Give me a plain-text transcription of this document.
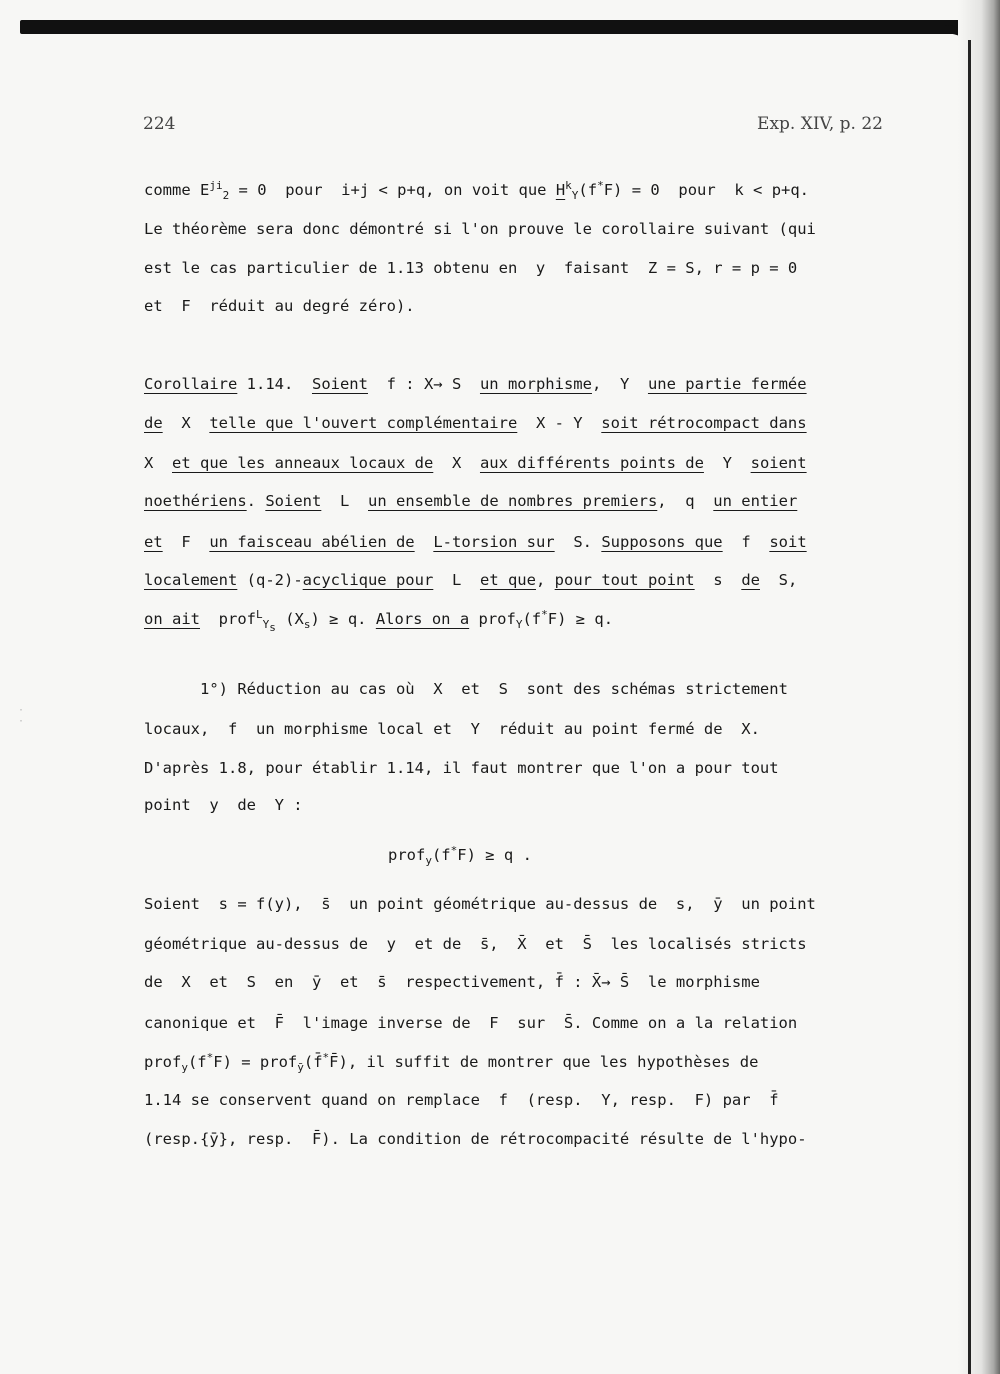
·
·
224	Exp. XIV, p. 22
comme $E^{ji}_2 = 0$  pour  i+j < p+q, on voit que $H^k_Y(f^*F) = 0$  pour  k < p+q.
Le théorème sera donc démontré si l'on prouve le corollaire suivant (qui
est le cas particulier de 1.13 obtenu en  y  faisant  Z = S, r = p = 0
et  F  réduit au degré zéro).
Corollaire 1.14.  Soient  f : X→ S  un morphisme,  Y  une partie fermée
de  X  telle que l'ouvert complémentaire  X - Y  soit rétrocompact dans
X  et que les anneaux locaux de  X  aux différents points de  Y  soient
noethériens. Soient  L  un ensemble de nombres premiers,  q  un entier
et  F  un faisceau abélien de L-torsion sur  S. Supposons que  f  soit
localement (q-2)-acyclique pour  L  et que, pour tout point  s  de  S,
on ait  prof$^L_{Y_s}$ $(X_s) \ge q$. Alors on a prof$_Y$(f*F) ≥ q.
1°) Réduction au cas où  X  et  S  sont des schémas strictement
locaux,  f  un morphisme local et  Y  réduit au point fermé de  X.
D'après 1.8, pour établir 1.14, il faut montrer que l'on a pour tout
point  y  de  Y :
prof$_y$(f*F) ≥ q .
Soient  s = f(y),  s̄  un point géométrique au-dessus de  s,  ȳ  un point
géométrique au-dessus de  y  et de  s̄,  X̄  et  S̄  les localisés stricts
de  X  et  S  en  ȳ  et  s̄  respectivement, f̄ : X̄→ S̄  le morphisme
canonique et  F̄  l'image inverse de  F  sur  S̄. Comme on a la relation
prof$_y$(f*F) = prof$_ȳ$(f̄*F̄), il suffit de montrer que les hypothèses de
1.14 se conservent quand on remplace  f  (resp.  Y, resp.  F) par  f̄
(resp.{ȳ}, resp.  F̄). La condition de rétrocompacité résulte de l'hypo-
